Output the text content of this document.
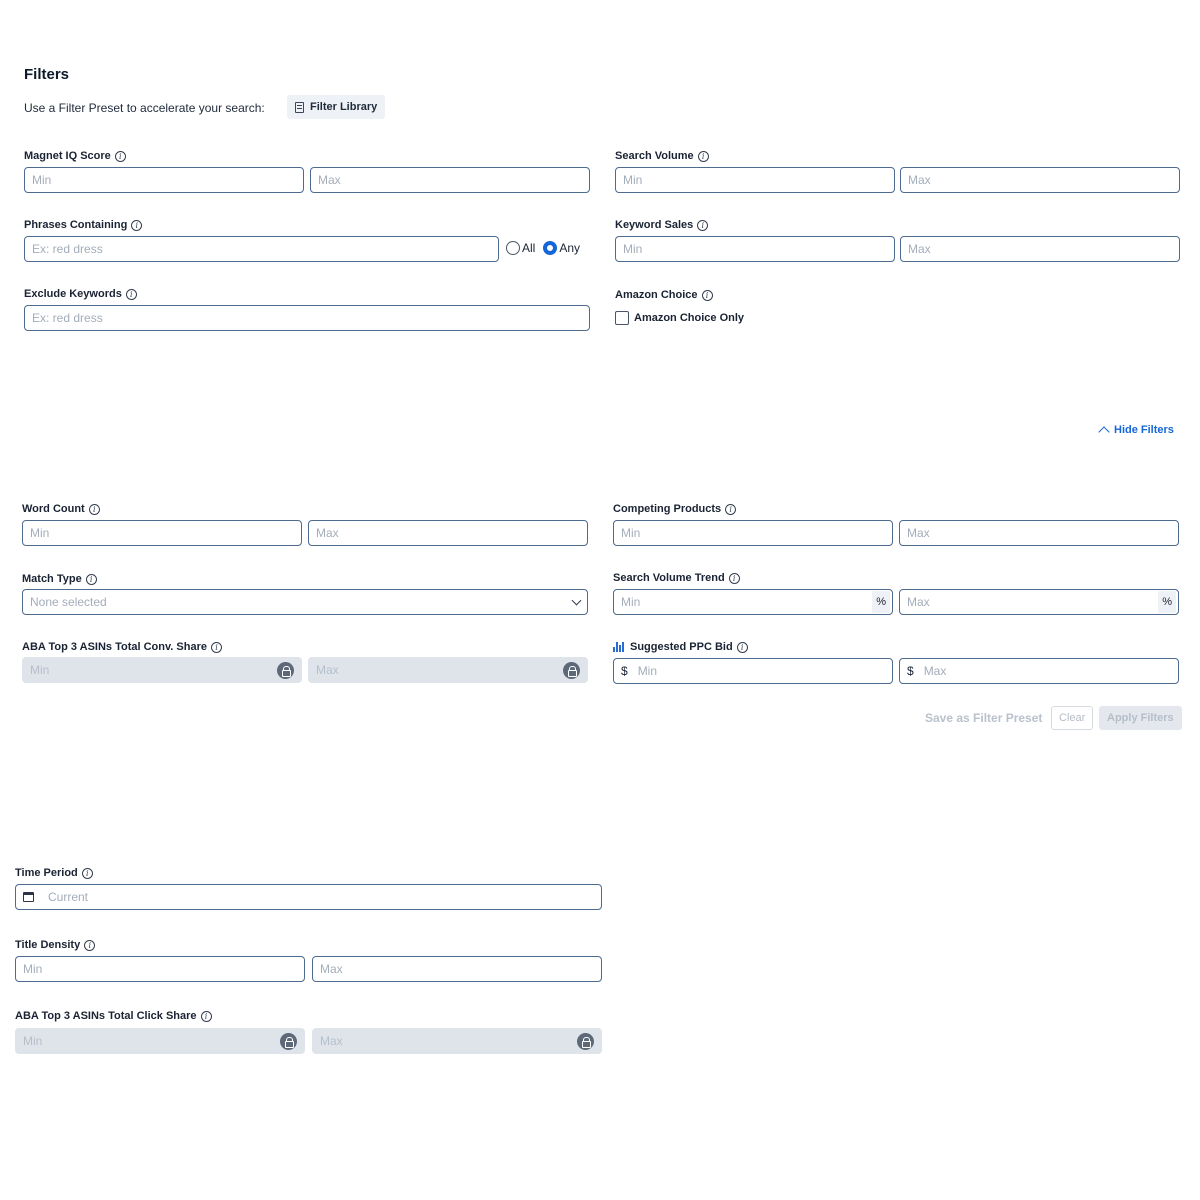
Filters
Use a Filter Preset to accelerate your search:	Filter Library
Magnet IQ Score	i
Min	Max
Search Volume	i
Min	Max
Phrases Containing	i
Ex: red dress	All Any
Keyword Sales	i
Min	Max
Exclude Keywords	i
Ex: red dress
Amazon Choice	i
Amazon Choice Only
Hide Filters
Word Count	i
Min	Max
Competing Products	i
Min	Max
Match Type	i
None selected
Search Volume Trend	i
Min	%	Max	%
ABA Top 3 ASINs Total Conv. Share	i
Min	Max
Suggested PPC Bid	i
$ Min	$ Max
Save as Filter Preset	Clear	Apply Filters
Time Period	i
Current
Title Density	i
Min	Max
ABA Top 3 ASINs Total Click Share	i
Min	Max
